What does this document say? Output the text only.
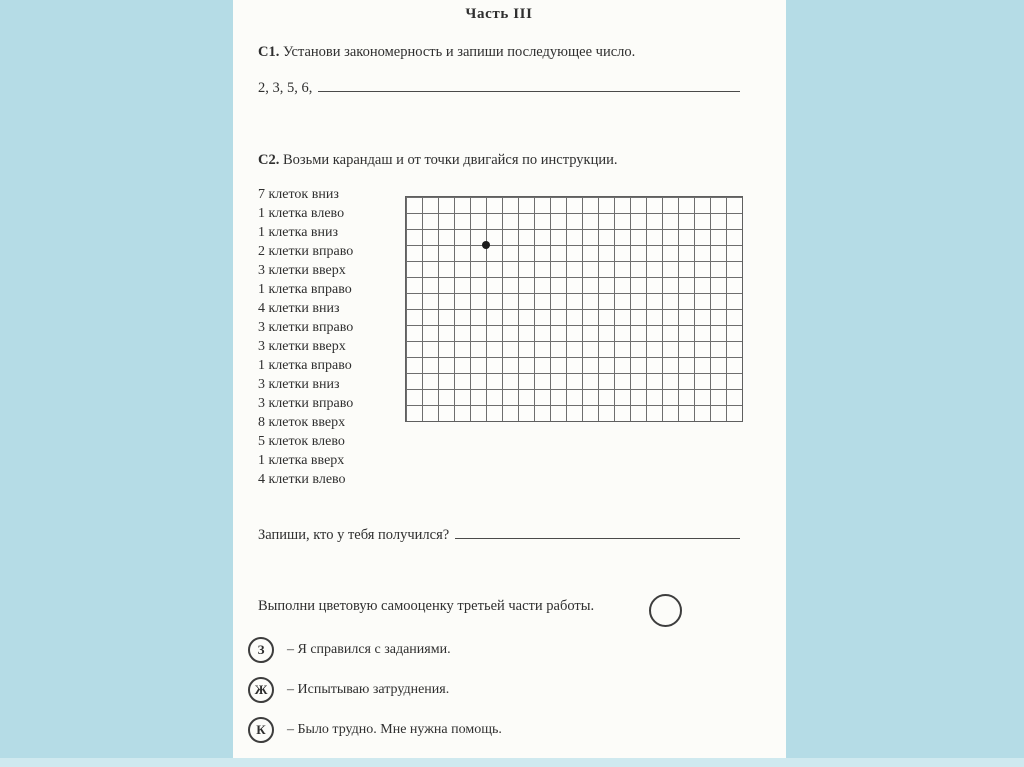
Часть III
С1. Установи закономерность и запиши последующее число.
2, 3, 5, 6,
С2. Возьми карандаш и от точки двигайся по инструкции.
7 клеток вниз
1 клетка влево
1 клетка вниз
2 клетки вправо
3 клетки вверх
1 клетка вправо
4 клетки вниз
3 клетки вправо
3 клетки вверх
1 клетка вправо
3 клетки вниз
3 клетки вправо
8 клеток вверх
5 клеток влево
1 клетка вверх
4 клетки влево
Запиши, кто у тебя получился?
Выполни цветовую самооценку третьей части работы.
З	– Я справился с заданиями.
Ж	– Испытываю затруднения.
К	– Было трудно. Мне нужна помощь.
